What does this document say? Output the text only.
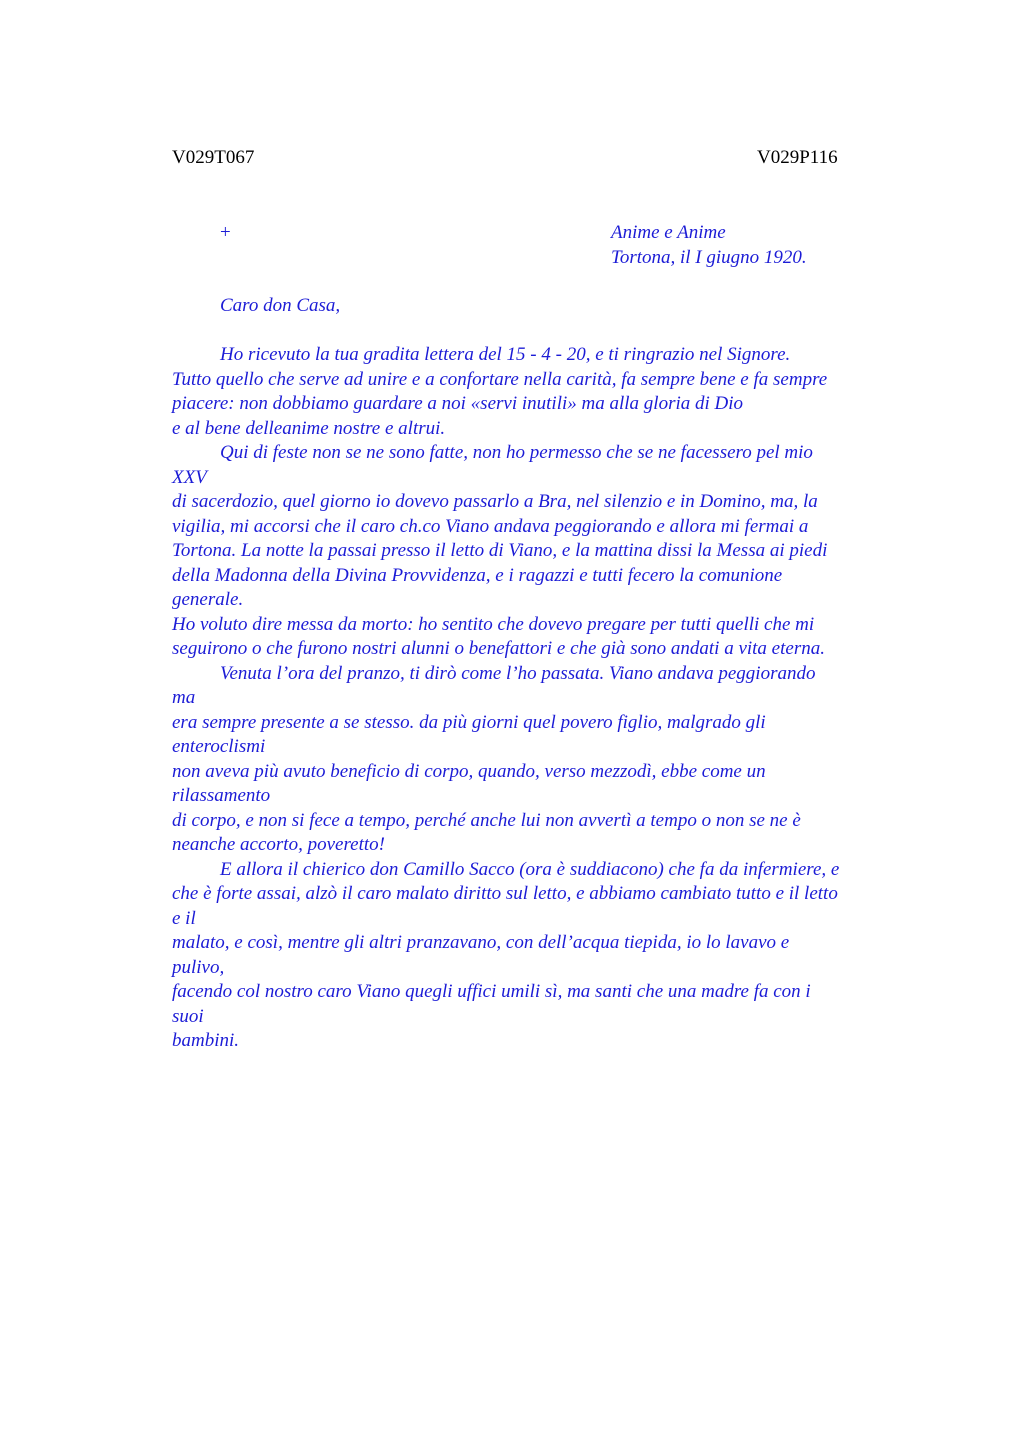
V029T067	V029P116
+	Anime e Anime
Tortona, il I giugno 1920.
Caro don Casa,
Ho ricevuto la tua gradita lettera del 15 - 4 - 20, e ti ringrazio nel Signore.
Tutto quello che serve ad unire e a confortare nella carità, fa sempre bene e fa sempre
piacere: non dobbiamo guardare a noi «servi inutili» ma alla gloria di Dio
e al bene delleanime nostre e altrui.
Qui di feste non se ne sono fatte, non ho permesso che se ne facessero pel mio
XXV
di sacerdozio, quel giorno io dovevo passarlo a Bra, nel silenzio e in Domino, ma, la
vigilia, mi accorsi che il caro ch.co Viano andava peggiorando e allora mi fermai a
Tortona. La notte la passai presso il letto di Viano, e la mattina dissi la Messa ai piedi
della Madonna della Divina Provvidenza, e i ragazzi e tutti fecero la comunione
generale.
Ho voluto dire messa da morto: ho sentito che dovevo pregare per tutti quelli che mi
seguirono o che furono nostri alunni o benefattori e che già sono andati a vita eterna.
Venuta l’ora del pranzo, ti dirò come l’ho passata. Viano andava peggiorando
ma
era sempre presente a se stesso. da più giorni quel povero figlio, malgrado gli
enteroclismi
non aveva più avuto beneficio di corpo, quando, verso mezzodì, ebbe come un
rilassamento
di corpo, e non si fece a tempo, perché anche lui non avvertì a tempo o non se ne è
neanche accorto, poveretto!
E allora il chierico don Camillo Sacco (ora è suddiacono) che fa da infermiere, e
che è forte assai, alzò il caro malato diritto sul letto, e abbiamo cambiato tutto e il letto
e il
malato, e così, mentre gli altri pranzavano, con dell’acqua tiepida, io lo lavavo e
pulivo,
facendo col nostro caro Viano quegli uffici umili sì, ma santi che una madre fa con i
suoi
bambini.
